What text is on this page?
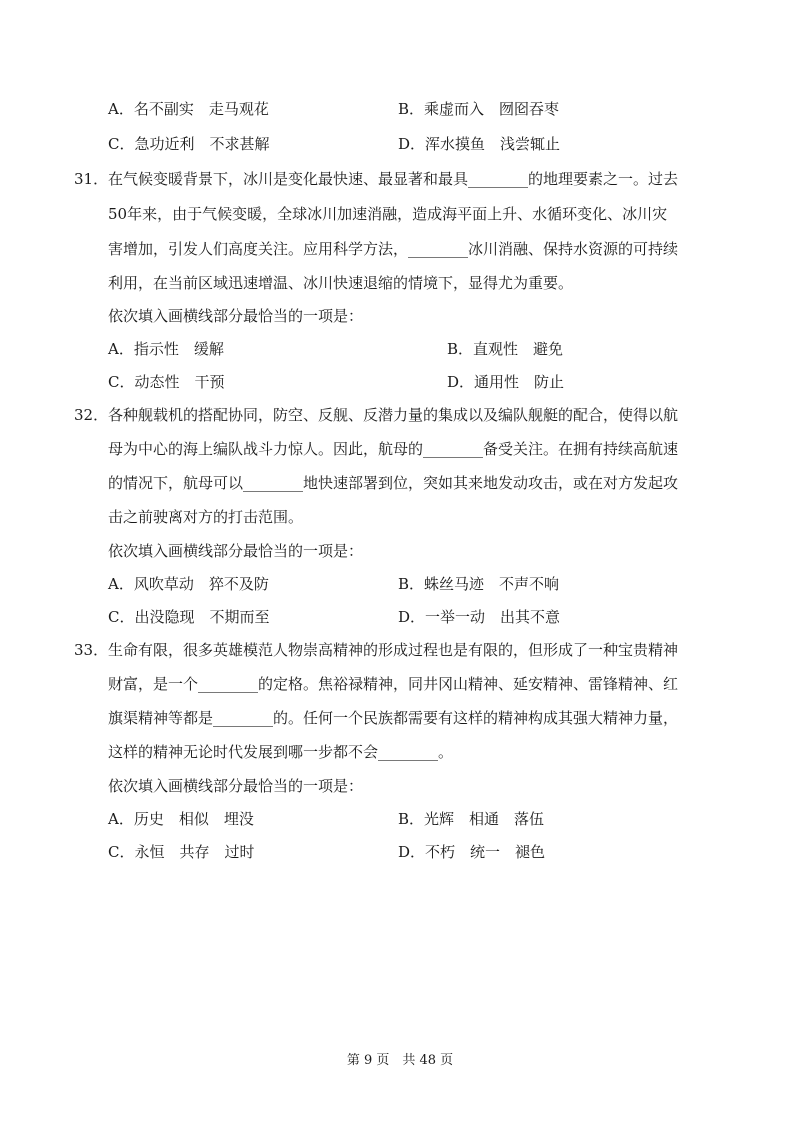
A．名不副实　走马观花	B．乘虚而入　囫囵吞枣
C．急功近利　不求甚解	D．浑水摸鱼　浅尝辄止
31． 在气候变暖背景下，冰川是变化最快速、最显著和最具________的地理要素之一。过去
50年来，由于气候变暖，全球冰川加速消融，造成海平面上升、水循环变化、冰川灾
害增加，引发人们高度关注。应用科学方法，________冰川消融、保持水资源的可持续
利用，在当前区域迅速增温、冰川快速退缩的情境下，显得尤为重要。
依次填入画横线部分最恰当的一项是：
A．指示性　缓解	B．直观性　避免
C．动态性　干预	D．通用性　防止
32． 各种舰载机的搭配协同，防空、反舰、反潜力量的集成以及编队舰艇的配合，使得以航
母为中心的海上编队战斗力惊人。因此，航母的________备受关注。在拥有持续高航速
的情况下，航母可以________地快速部署到位，突如其来地发动攻击，或在对方发起攻
击之前驶离对方的打击范围。
依次填入画横线部分最恰当的一项是：
A．风吹草动　猝不及防	B．蛛丝马迹　不声不响
C．出没隐现　不期而至	D．一举一动　出其不意
33． 生命有限，很多英雄模范人物崇高精神的形成过程也是有限的，但形成了一种宝贵精神
财富，是一个________的定格。焦裕禄精神，同井冈山精神、延安精神、雷锋精神、红
旗渠精神等都是________的。任何一个民族都需要有这样的精神构成其强大精神力量，
这样的精神无论时代发展到哪一步都不会________。
依次填入画横线部分最恰当的一项是：
A．历史　相似　埋没	B．光辉　相通　落伍
C．永恒　共存　过时	D．不朽　统一　褪色
第 9 页　共 48 页
